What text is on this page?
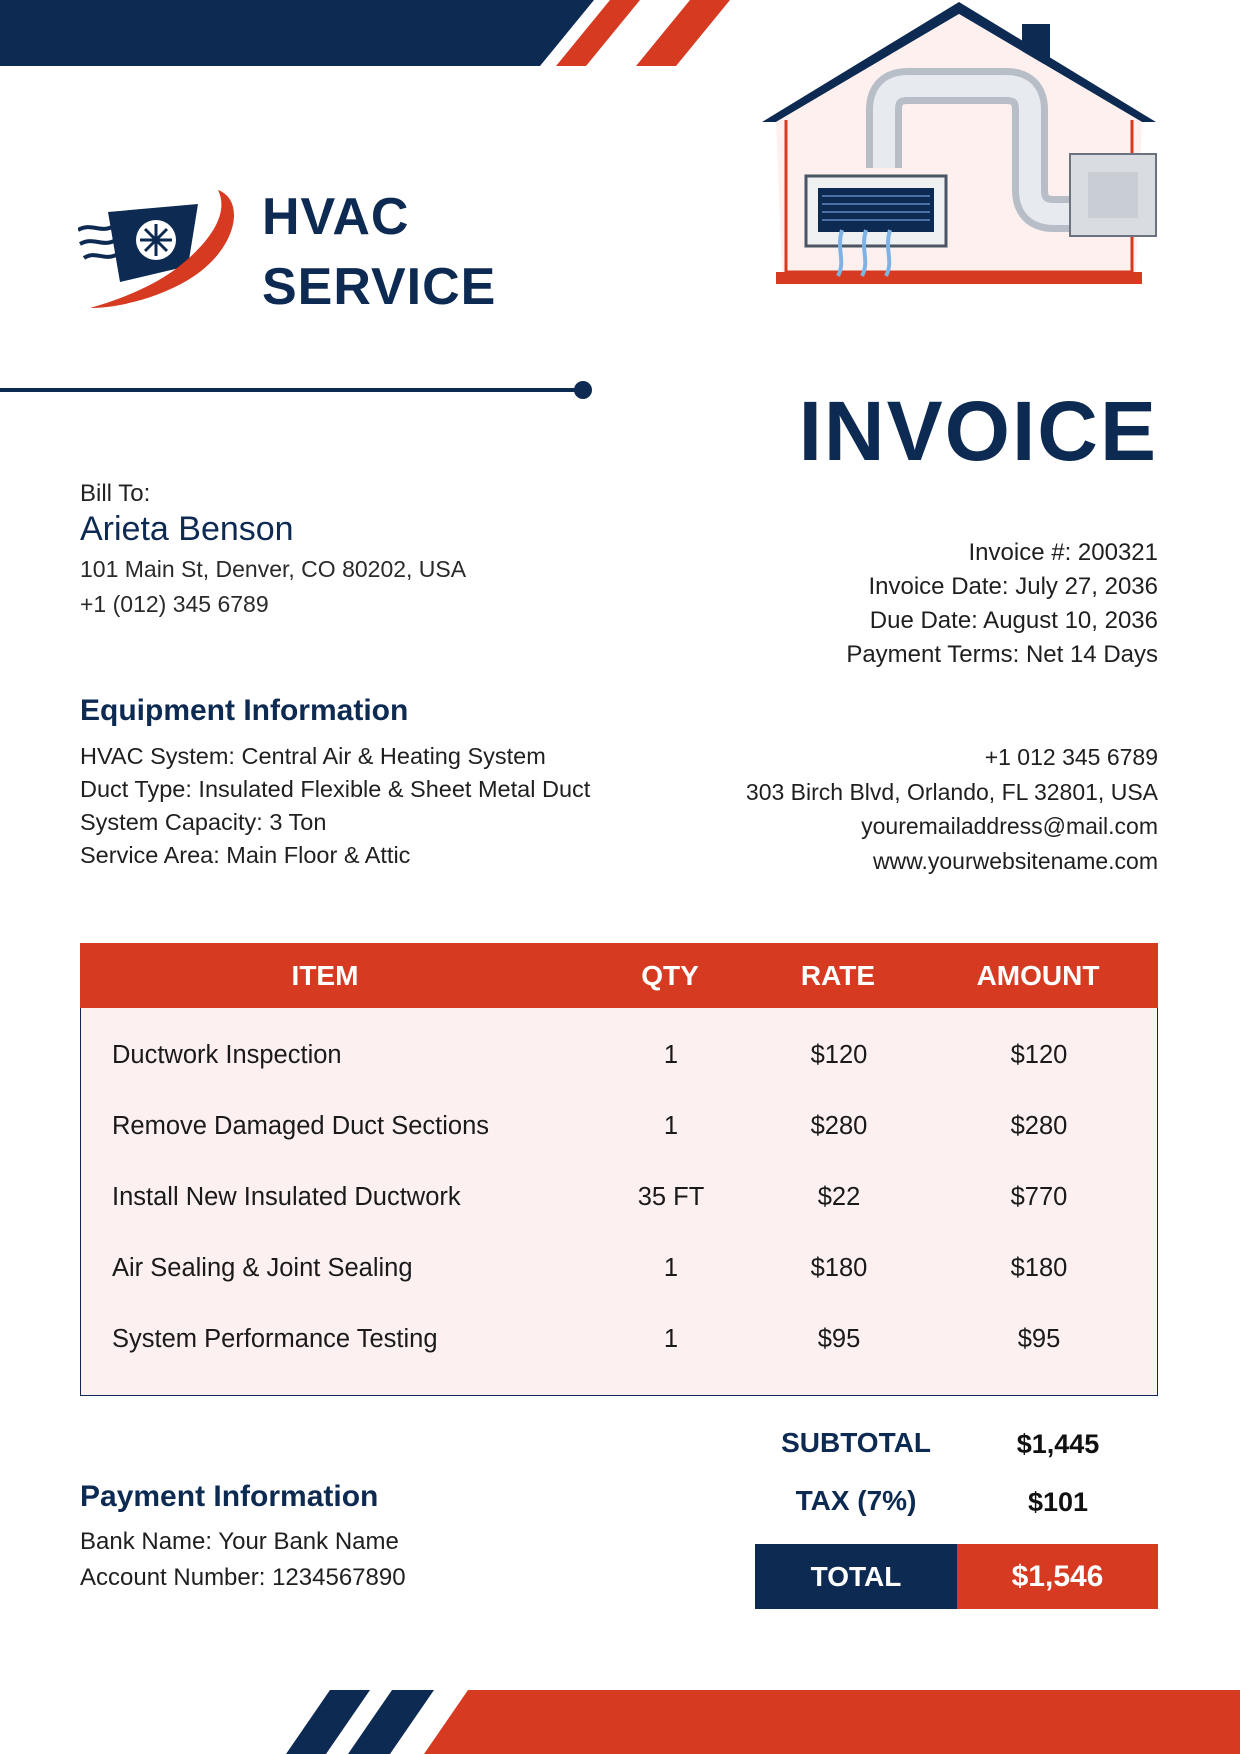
HVAC
SERVICE
INVOICE
Bill To:
Arieta Benson
101 Main St, Denver, CO 80202, USA
+1 (012) 345 6789
Invoice #: 200321
Invoice Date: July 27, 2036
Due Date: August 10, 2036
Payment Terms: Net 14 Days
Equipment Information
HVAC System: Central Air & Heating System
Duct Type: Insulated Flexible & Sheet Metal Duct
System Capacity: 3 Ton
Service Area: Main Floor & Attic
+1 012 345 6789
303 Birch Blvd, Orlando, FL 32801, USA
youremailaddress@mail.com
www.yourwebsitename.com
ITEM	QTY	RATE	AMOUNT
Ductwork Inspection	1	$120	$120
Remove Damaged Duct Sections	1	$280	$280
Install New Insulated Ductwork	35 FT	$22	$770
Air Sealing & Joint Sealing	1	$180	$180
System Performance Testing	1	$95	$95
SUBTOTAL	$1,445
TAX (7%)	$101
TOTAL	$1,546
Payment Information
Bank Name: Your Bank Name
Account Number: 1234567890
